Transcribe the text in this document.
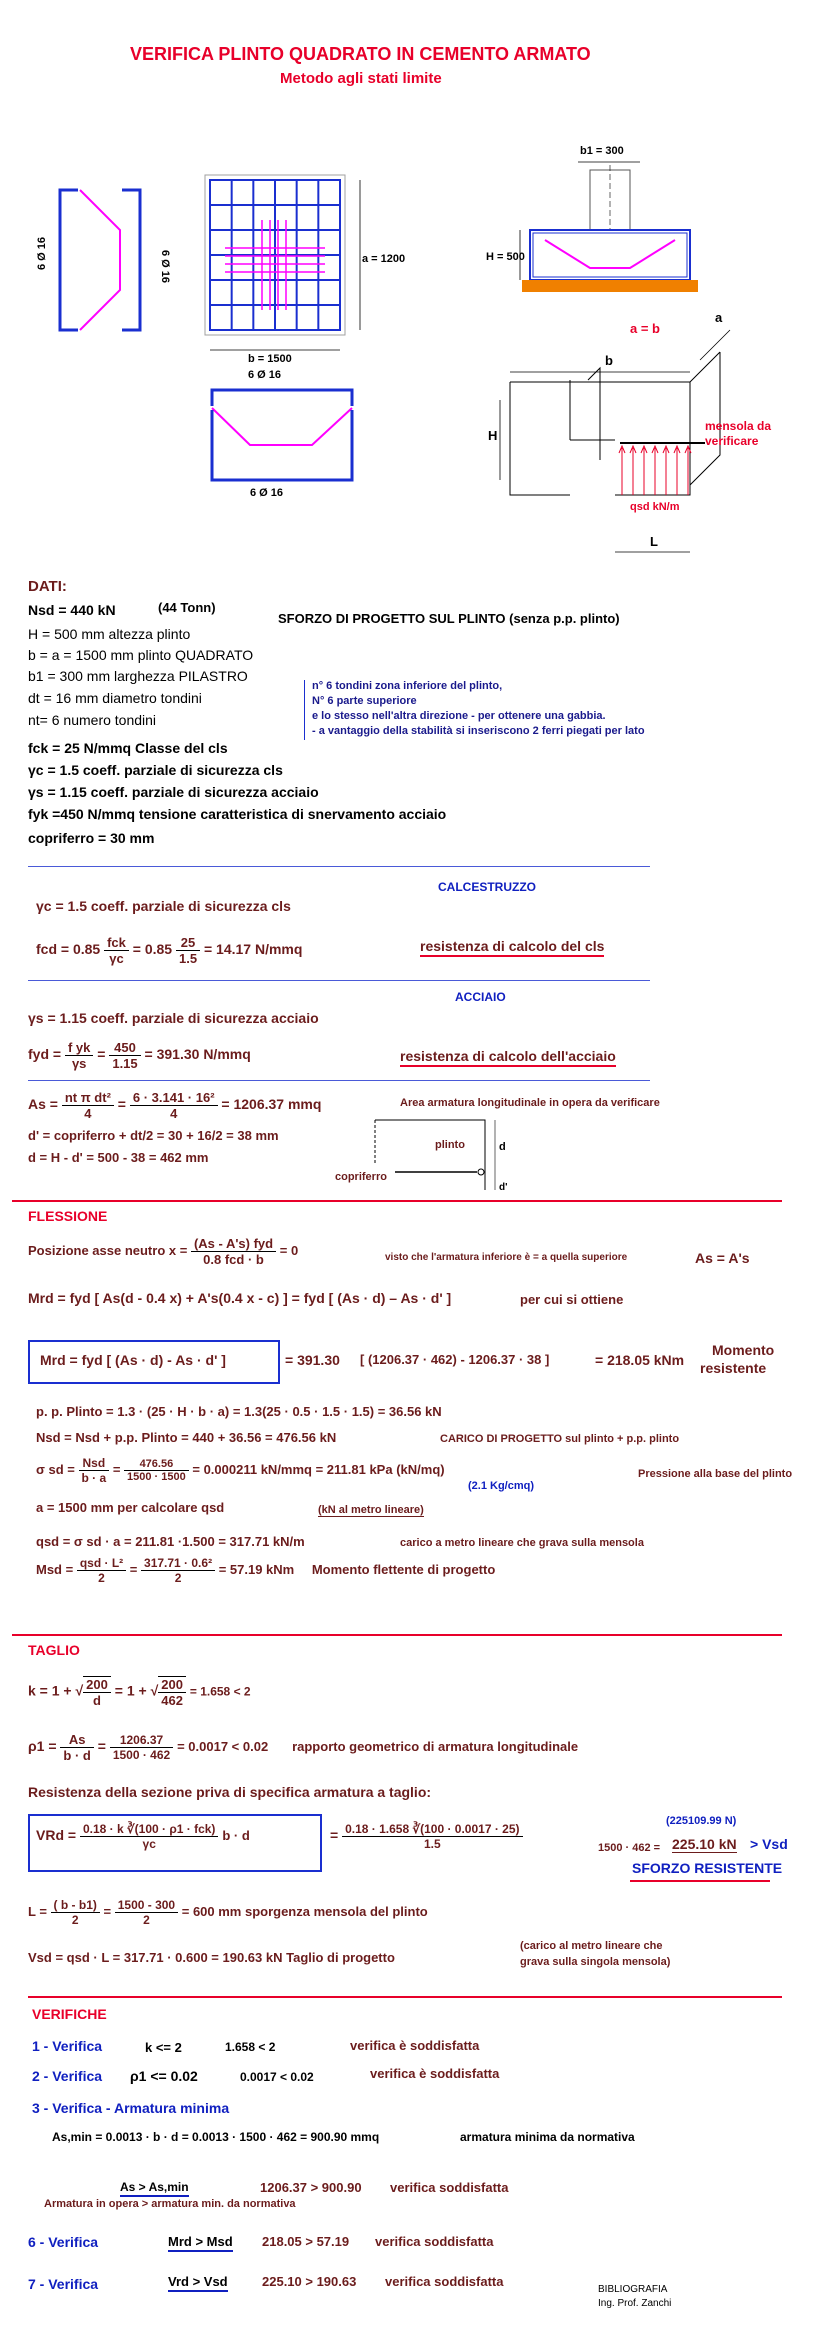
VERIFICA PLINTO QUADRATO IN CEMENTO ARMATO
Metodo agli stati limite
6 Ø 16	6 Ø 16	a = 1200
b = 1500
6 Ø 16
6 Ø 16
b1 = 300
H = 500
a = b
b
a
H
mensola da
verificare
qsd kN/m
L
DATI:
Nsd = 440 kN	(44 Tonn)
SFORZO DI PROGETTO SUL PLINTO (senza p.p. plinto)
H = 500 mm altezza plinto
b = a = 1500 mm plinto QUADRATO
b1 = 300 mm larghezza PILASTRO
dt = 16 mm diametro tondini
nt= 6 numero tondini
n° 6 tondini zona inferiore del plinto,
N° 6 parte superiore
e lo stesso nell'altra direzione - per ottenere una gabbia.
- a vantaggio della stabilità si inseriscono 2 ferri piegati per lato
fck = 25 N/mmq Classe del cls
γc = 1.5 coeff. parziale di sicurezza cls
γs = 1.15 coeff. parziale di sicurezza acciaio
fyk =450 N/mmq tensione caratteristica di snervamento acciaio
copriferro = 30 mm
CALCESTRUZZO
γc = 1.5 coeff. parziale di sicurezza cls
fcd = $0.85 \frac{\text{fck}}{\gamma c} = 0.85 \frac{25}{1.5} = 14.17$ N/mmq	resistenza di calcolo del cls
ACCIAIO
γs = 1.15 coeff. parziale di sicurezza acciaio
fyd = $\frac{\text{f yk}}{\gamma s} = \frac{450}{1.15} = 391.30$ N/mmq	resistenza di calcolo dell'acciaio
$As = \frac{\text{nt π dt²}}{4} = \frac{\text{6 · 3.141 · 16²}}{4} = 1206.37$ mmq	Area armatura longitudinale in opera da verificare
d' = copriferro + dt/2 = 30 + 16/2 = 38 mm
d = H - d' = 500 - 38 = 462 mm
plinto
copriferro
d
d'
FLESSIONE
Posizione asse neutro $x = \frac{\text{(As - A's) fyd}}{\text{0.8 fcd · b}} = 0$	visto che l'armatura inferiore è = a quella superiore	As = A's
Mrd = fyd [ As(d - 0.4 x) + A's(0.4 x - c) ] = fyd [ (As · d) – As · d' ]	per cui si ottiene
Mrd = fyd [ (As · d) - As · d' ]	= 391.30 [ (1206.37 · 462) - 1206.37 · 38 ]	= 218.05 kNm
Momento
resistente
p. p. Plinto = 1.3 · (25 · H · b · a) = 1.3(25 · 0.5 · 1.5 · 1.5) = 36.56 kN
Nsd = Nsd + p.p. Plinto = 440 + 36.56 = 476.56 kN	CARICO DI PROGETTO sul plinto + p.p. plinto
σ sd = $\frac{\text{Nsd}}{b \cdot a} = \frac{476.56}{1500 \cdot 1500} = 0.000211$ kN/mmq = 211.81 kPa (kN/mq)	Pressione alla base del plinto
(2.1 Kg/cmq)
a = 1500 mm per calcolare qsd	(kN al metro lineare)
qsd = σ sd · a = 211.81 ·1.500 = 317.71 kN/m	carico a metro lineare che grava sulla mensola
Msd = $\frac{\text{qsd · L²}}{2} = \frac{\text{317.71 · 0.6²}}{2} = 57.19$ kNm Momento flettente di progetto
TAGLIO
k = 1 + √ $\frac{200}{d} = 1$ + √ $\frac{200}{462} = 1.658 < 2$
$\rho 1 = \frac{As}{b \cdot d} = \frac{1206.37}{1500 \cdot 462} = 0.0017 < 0.02$ rapporto geometrico di armatura longitudinale
Resistenza della sezione priva di specifica armatura a taglio:
VRd = $\frac{\text{0.18 · k ∛(100 · ρ1 · fck)}}{\gamma c}$ b · d	= $\frac{0.18 \cdot 1.658 ∛(100 \cdot 0.0017 \cdot 25)}{1.5}$	1500 · 462 =
(225109.99 N)
225.10 kN > Vsd
SFORZO RESISTENTE
$L = \frac{( b - b1)}{2} = \frac{1500 - 300}{2} = 600$ mm sporgenza mensola del plinto
Vsd = qsd · L = 317.71 · 0.600 = 190.63 kN Taglio di progetto
(carico al metro lineare che
grava sulla singola mensola)
VERIFICHE
1 - Verifica	k <= 2	1.658 < 2	verifica è soddisfatta
2 - Verifica ρ1 <= 0.02	0.0017 < 0.02	verifica è soddisfatta
3 - Verifica - Armatura minima
As,min = 0.0013 · b · d = 0.0013 · 1500 · 462 = 900.90 mmq	armatura minima da normativa
As > As,min	1206.37 > 900.90 verifica soddisfatta
Armatura in opera > armatura min. da normativa
6 - Verifica	Mrd > Msd 218.05 > 57.19 verifica soddisfatta
7 - Verifica	Vrd > Vsd	225.10 > 190.63 verifica soddisfatta
BIBLIOGRAFIA
Ing. Prof. Zanchi
